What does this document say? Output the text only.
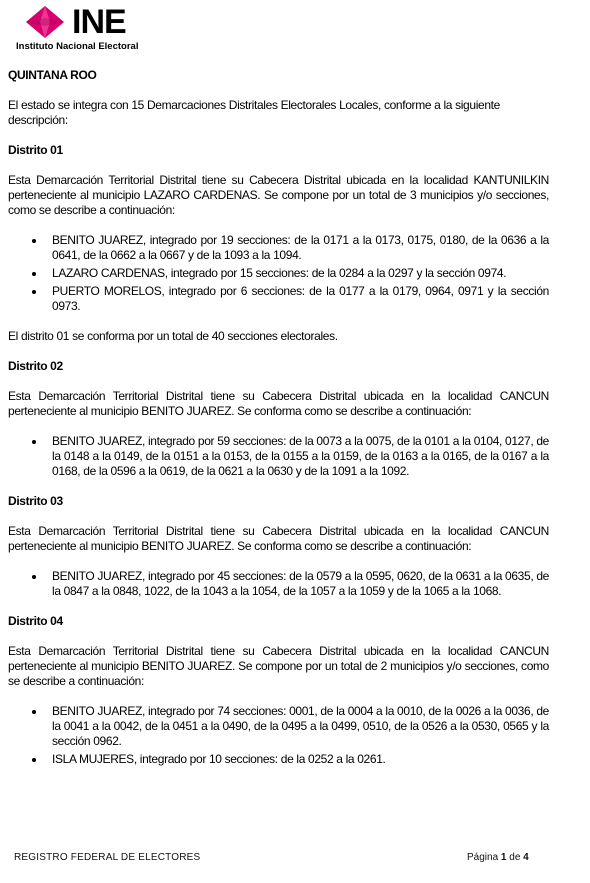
INE
Instituto Nacional Electoral
QUINTANA ROO
El estado se integra con 15 Demarcaciones Distritales Electorales Locales, conforme a la siguiente descripción:
Distrito 01
Esta Demarcación Territorial Distrital tiene su Cabecera Distrital ubicada en la localidad KANTUNILKIN perteneciente al municipio LAZARO CARDENAS. Se compone por un total de 3 municipios y/o secciones, como se describe a continuación:
BENITO JUAREZ, integrado por 19 secciones: de la 0171 a la 0173, 0175, 0180, de la 0636 a la 0641, de la 0662 a la 0667 y de la 1093 a la 1094.
LAZARO CARDENAS, integrado por 15 secciones: de la 0284 a la 0297 y la sección 0974.
PUERTO MORELOS, integrado por 6 secciones: de la 0177 a la 0179, 0964, 0971 y la sección 0973.
El distrito 01 se conforma por un total de 40 secciones electorales.
Distrito 02
Esta Demarcación Territorial Distrital tiene su Cabecera Distrital ubicada en la localidad CANCUN perteneciente al municipio BENITO JUAREZ. Se conforma como se describe a continuación:
BENITO JUAREZ, integrado por 59 secciones: de la 0073 a la 0075, de la 0101 a la 0104, 0127, de la 0148 a la 0149, de la 0151 a la 0153, de la 0155 a la 0159, de la 0163 a la 0165, de la 0167 a la 0168, de la 0596 a la 0619, de la 0621 a la 0630 y de la 1091 a la 1092.
Distrito 03
Esta Demarcación Territorial Distrital tiene su Cabecera Distrital ubicada en la localidad CANCUN perteneciente al municipio BENITO JUAREZ. Se conforma como se describe a continuación:
BENITO JUAREZ, integrado por 45 secciones: de la 0579 a la 0595, 0620, de la 0631 a la 0635, de la 0847 a la 0848, 1022, de la 1043 a la 1054, de la 1057 a la 1059 y de la 1065 a la 1068.
Distrito 04
Esta Demarcación Territorial Distrital tiene su Cabecera Distrital ubicada en la localidad CANCUN perteneciente al municipio BENITO JUAREZ. Se compone por un total de 2 municipios y/o secciones, como se describe a continuación:
BENITO JUAREZ, integrado por 74 secciones: 0001, de la 0004 a la 0010, de la 0026 a la 0036, de la 0041 a la 0042, de la 0451 a la 0490, de la 0495 a la 0499, 0510, de la 0526 a la 0530, 0565 y la sección 0962.
ISLA MUJERES, integrado por 10 secciones: de la 0252 a la 0261.
REGISTRO FEDERAL DE ELECTORES	Página 1 de 4
